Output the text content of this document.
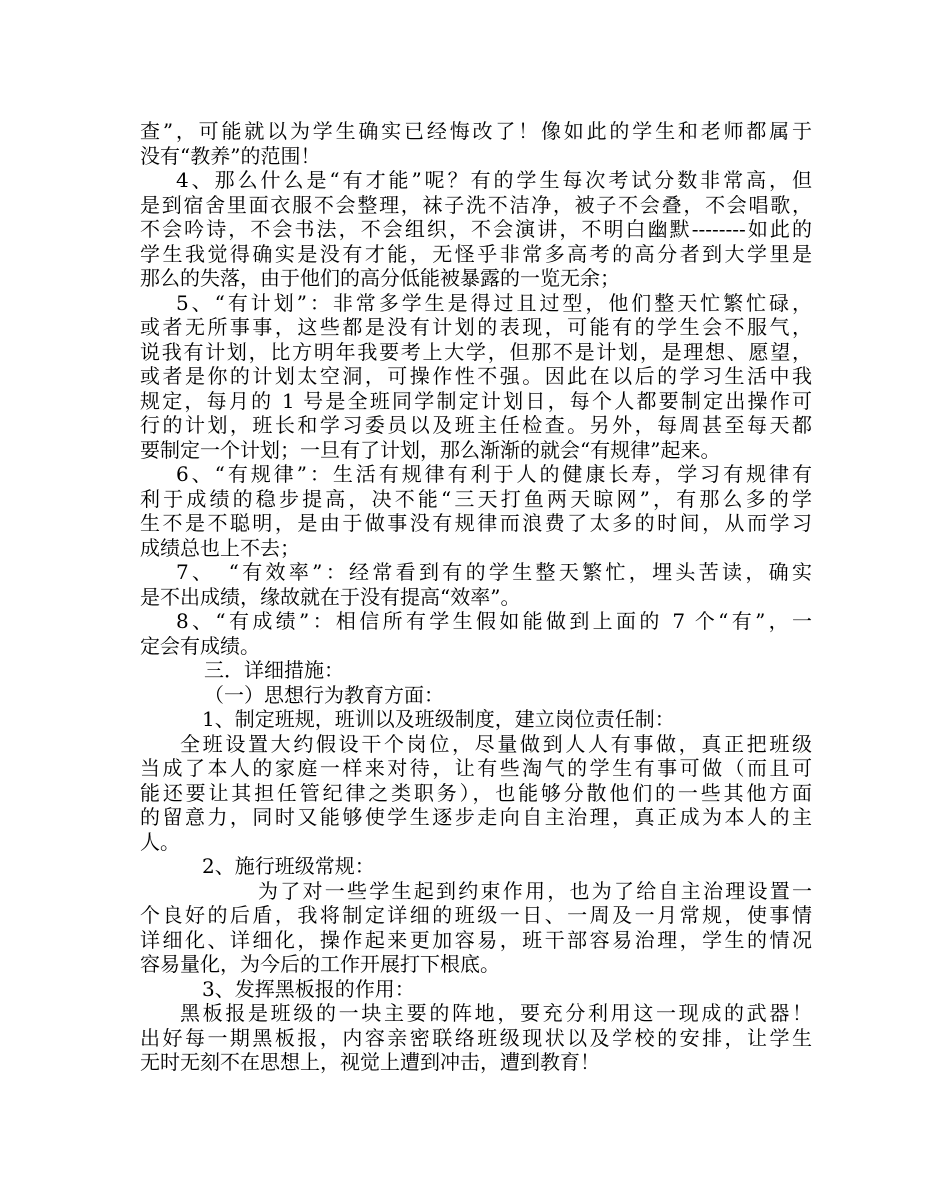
查”，可能就以为学生确实已经悔改了！像如此的学生和老师都属于
没有“教养”的范围！
4、那么什么是“有才能”呢？有的学生每次考试分数非常高，但
是到宿舍里面衣服不会整理，袜子洗不洁净，被子不会叠，不会唱歌，
不会吟诗，不会书法，不会组织，不会演讲，不明白幽默--------如此的
学生我觉得确实是没有才能，无怪乎非常多高考的高分者到大学里是
那么的失落，由于他们的高分低能被暴露的一览无余；
5、“有计划”：非常多学生是得过且过型，他们整天忙繁忙碌，
或者无所事事，这些都是没有计划的表现，可能有的学生会不服气，
说我有计划，比方明年我要考上大学，但那不是计划，是理想、愿望，
或者是你的计划太空洞，可操作性不强。因此在以后的学习生活中我
规定，每月的 1 号是全班同学制定计划日，每个人都要制定出操作可
行的计划，班长和学习委员以及班主任检查。另外，每周甚至每天都
要制定一个计划；一旦有了计划，那么渐渐的就会“有规律”起来。
6、“有规律”：生活有规律有利于人的健康长寿，学习有规律有
利于成绩的稳步提高，决不能“三天打鱼两天晾网”，有那么多的学
生不是不聪明，是由于做事没有规律而浪费了太多的时间，从而学习
成绩总也上不去；
7、　“有效率”：经常看到有的学生整天繁忙，埋头苦读，确实
是不出成绩，缘故就在于没有提高“效率”。
8、“有成绩”：相信所有学生假如能做到上面的 7 个“有”，一
定会有成绩。
三．详细措施：
（一）思想行为教育方面：
1、制定班规，班训以及班级制度，建立岗位责任制：
全班设置大约假设干个岗位，尽量做到人人有事做，真正把班级
当成了本人的家庭一样来对待，让有些淘气的学生有事可做（而且可
能还要让其担任管纪律之类职务），也能够分散他们的一些其他方面
的留意力，同时又能够使学生逐步走向自主治理，真正成为本人的主
人。
2、施行班级常规：
为了对一些学生起到约束作用，也为了给自主治理设置一
个良好的后盾，我将制定详细的班级一日、一周及一月常规，使事情
详细化、详细化，操作起来更加容易，班干部容易治理，学生的情况
容易量化，为今后的工作开展打下根底。
3、发挥黑板报的作用：
黑板报是班级的一块主要的阵地，要充分利用这一现成的武器！
出好每一期黑板报，内容亲密联络班级现状以及学校的安排，让学生
无时无刻不在思想上，视觉上遭到冲击，遭到教育！
